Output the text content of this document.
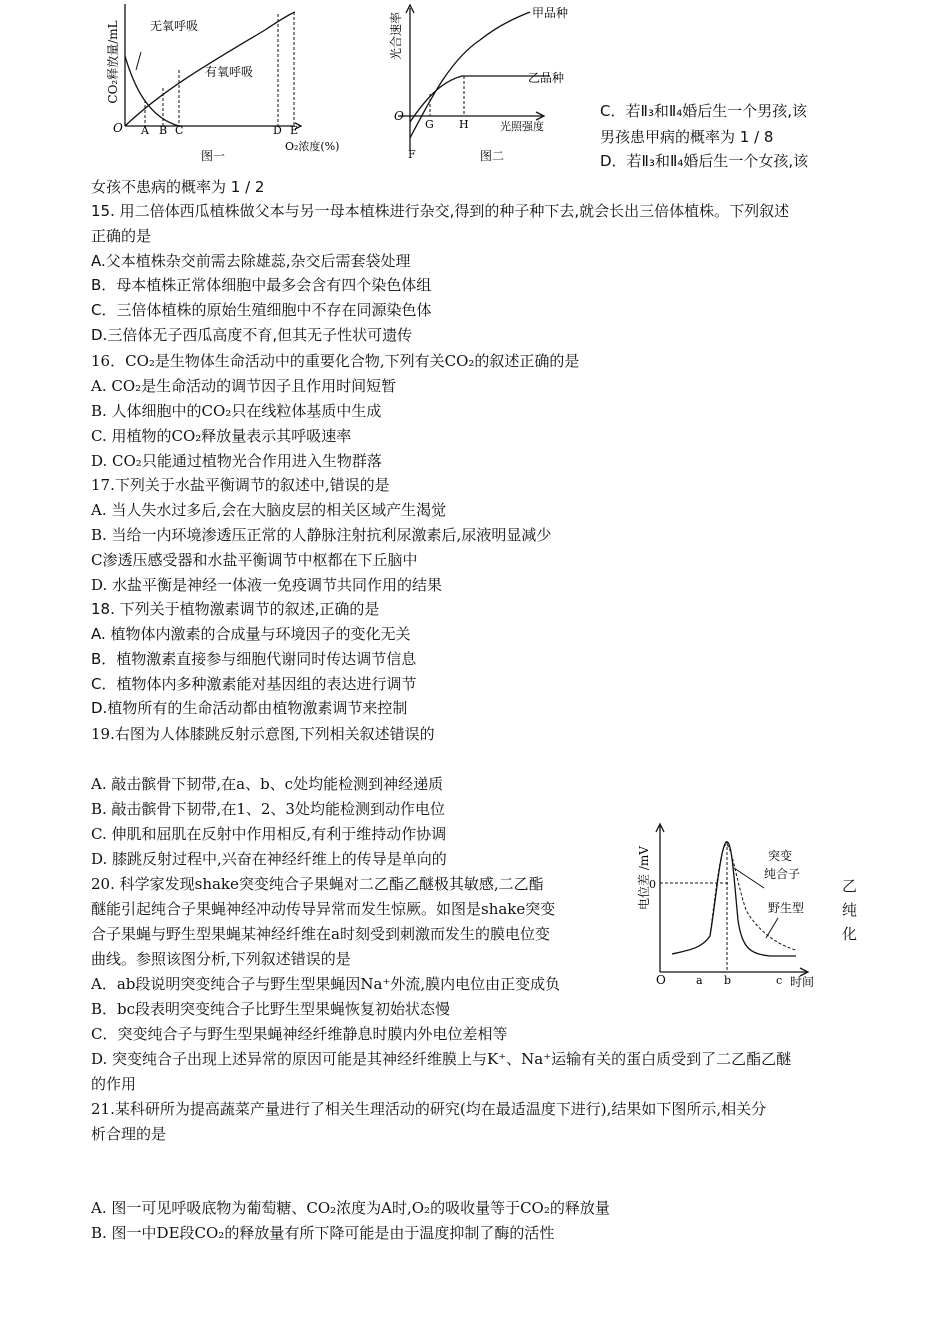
CO₂释放量/mL	无氧呼吸
有氧呼吸
O A B C	D E
O₂浓度(%)
图一
光合速率	甲品种
乙品种
O
G H
F
光照强度
图二
C．若Ⅱ₃和Ⅱ₄婚后生一个男孩,该
男孩患甲病的概率为 1 / 8
D．若Ⅱ₃和Ⅱ₄婚后生一个女孩,该
女孩不患病的概率为 1 / 2
15. 用二倍体西瓜植株做父本与另一母本植株进行杂交,得到的种子种下去,就会长出三倍体植株。下列叙述
正确的是
A.父本植株杂交前需去除雄蕊,杂交后需套袋处理
B．母本植株正常体细胞中最多会含有四个染色体组
C．三倍体植株的原始生殖细胞中不存在同源染色体
D.三倍体无子西瓜高度不育,但其无子性状可遗传
16．CO₂是生物体生命活动中的重要化合物,下列有关CO₂的叙述正确的是
A. CO₂是生命活动的调节因子且作用时间短暂
B. 人体细胞中的CO₂只在线粒体基质中生成
C. 用植物的CO₂释放量表示其呼吸速率
D. CO₂只能通过植物光合作用进入生物群落
17.下列关于水盐平衡调节的叙述中,错误的是
A. 当人失水过多后,会在大脑皮层的相关区域产生渴觉
B. 当给一内环境渗透压正常的人静脉注射抗利尿激素后,尿液明显减少
C渗透压感受器和水盐平衡调节中枢都在下丘脑中
D. 水盐平衡是神经一体液一免疫调节共同作用的结果
18. 下列关于植物激素调节的叙述,正确的是
A. 植物体内激素的合成量与环境因子的变化无关
B．植物激素直接参与细胞代谢同时传达调节信息
C．植物体内多种激素能对基因组的表达进行调节
D.植物所有的生命活动都由植物激素调节来控制
19.右图为人体膝跳反射示意图,下列相关叙述错误的
A. 敲击髌骨下韧带,在a、b、c处均能检测到神经递质
B. 敲击髌骨下韧带,在1、2、3处均能检测到动作电位
C. 伸肌和屈肌在反射中作用相反,有利于维持动作协调
D. 膝跳反射过程中,兴奋在神经纤维上的传导是单向的	电位差 /mV
0
突变
纯合子
野生型
O	a b	c 时间
20. 科学家发现shake突变纯合子果蝇对二乙酯乙醚极其敏感,二乙酯
醚能引起纯合子果蝇神经冲动传导异常而发生惊厥。如图是shake突变
合子果蝇与野生型果蝇某神经纤维在a时刻受到刺激而发生的膜电位变
曲线。参照该图分析,下列叙述错误的是
乙
纯
化
A．ab段说明突变纯合子与野生型果蝇因Na⁺外流,膜内电位由正变成负
B．bc段表明突变纯合子比野生型果蝇恢复初始状态慢
C．突变纯合子与野生型果蝇神经纤维静息时膜内外电位差相等
D. 突变纯合子出现上述异常的原因可能是其神经纤维膜上与K⁺、Na⁺运输有关的蛋白质受到了二乙酯乙醚
的作用
21.某科研所为提高蔬菜产量进行了相关生理活动的研究(均在最适温度下进行),结果如下图所示,相关分
析合理的是
A. 图一可见呼吸底物为葡萄糖、CO₂浓度为A时,O₂的吸收量等于CO₂的释放量
B. 图一中DE段CO₂的释放量有所下降可能是由于温度抑制了酶的活性
